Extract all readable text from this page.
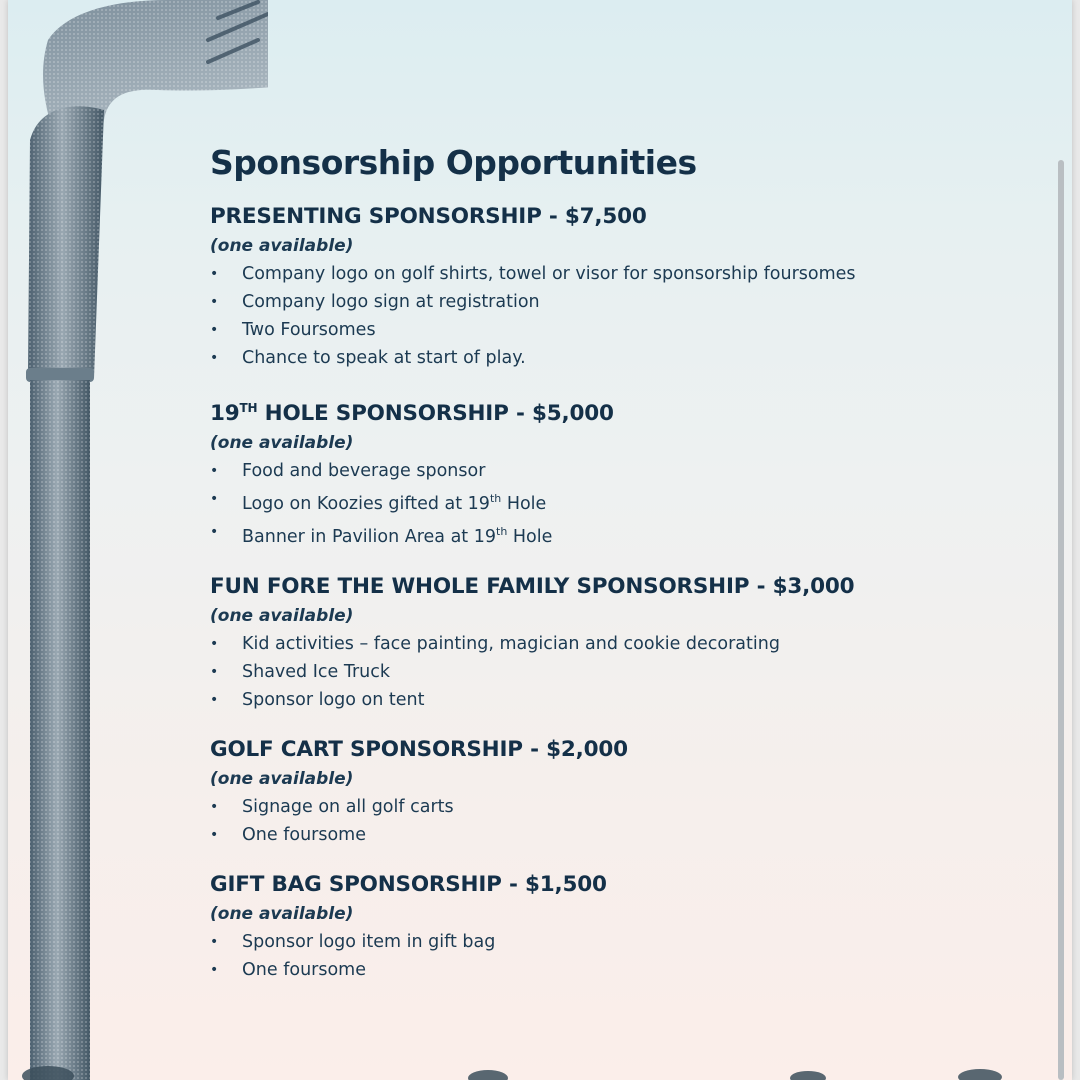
Sponsorship Opportunities
PRESENTING SPONSORSHIP - $7,500
(one available)
• Company logo on golf shirts, towel or visor for sponsorship foursomes
• Company logo sign at registration
• Two Foursomes
• Chance to speak at start of play.
19TH HOLE SPONSORSHIP - $5,000
(one available)
• Food and beverage sponsor
• Logo on Koozies gifted at 19th Hole
• Banner in Pavilion Area at 19th Hole
FUN FORE THE WHOLE FAMILY SPONSORSHIP - $3,000
(one available)
• Kid activities – face painting, magician and cookie decorating
• Shaved Ice Truck
• Sponsor logo on tent
GOLF CART SPONSORSHIP - $2,000
(one available)
• Signage on all golf carts
• One foursome
GIFT BAG SPONSORSHIP - $1,500
(one available)
• Sponsor logo item in gift bag
• One foursome
